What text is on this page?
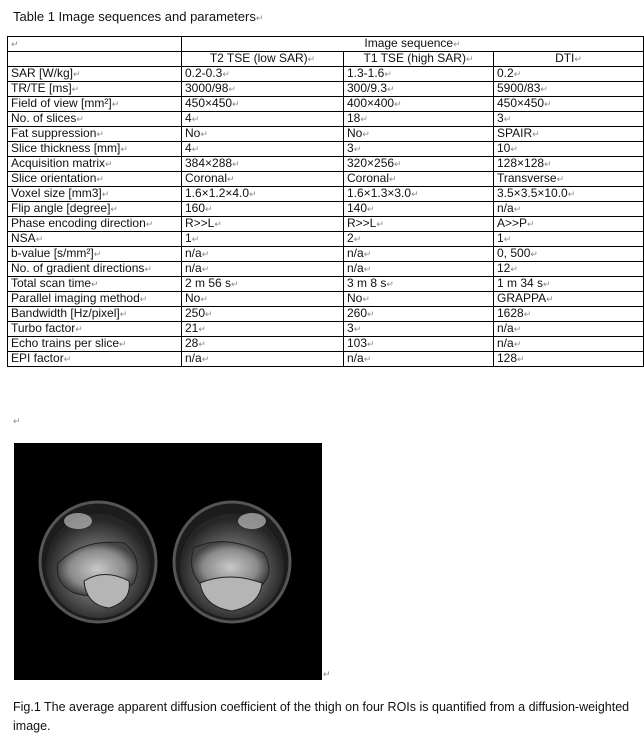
Table 1 Image sequences and parameters↵
↵	Image sequence↵		
	T2 TSE (low SAR)↵	T1 TSE (high SAR)↵	DTI↵
SAR [W/kg]↵	0.2-0.3↵	1.3-1.6↵	0.2↵
TR/TE [ms]↵	3000/98↵	300/9.3↵	5900/83↵
Field of view [mm²]↵	450×450↵	400×400↵	450×450↵
No. of slices↵	4↵	18↵	3↵
Fat suppression↵	No↵	No↵	SPAIR↵
Slice thickness [mm]↵	4↵	3↵	10↵
Acquisition matrix↵	384×288↵	320×256↵	128×128↵
Slice orientation↵	Coronal↵	Coronal↵	Transverse↵
Voxel size [mm3]↵	1.6×1.2×4.0↵	1.6×1.3×3.0↵	3.5×3.5×10.0↵
Flip angle [degree]↵	160↵	140↵	n/a↵
Phase encoding direction↵	R>>L↵	R>>L↵	A>>P↵
NSA↵	1↵	2↵	1↵
b-value [s/mm²]↵	n/a↵	n/a↵	0, 500↵
No. of gradient directions↵	n/a↵	n/a↵	12↵
Total scan time↵	2 m 56 s↵	3 m 8 s↵	1 m 34 s↵
Parallel imaging method↵	No↵	No↵	GRAPPA↵
Bandwidth [Hz/pixel]↵	250↵	260↵	1628↵
Turbo factor↵	21↵	3↵	n/a↵
Echo trains per slice↵	28↵	103↵	n/a↵
EPI factor↵	n/a↵	n/a↵	128↵
↵
↵
Fig.1 The average apparent diffusion coefficient of the thigh on four ROIs is quantified from a diffusion-weighted image.
